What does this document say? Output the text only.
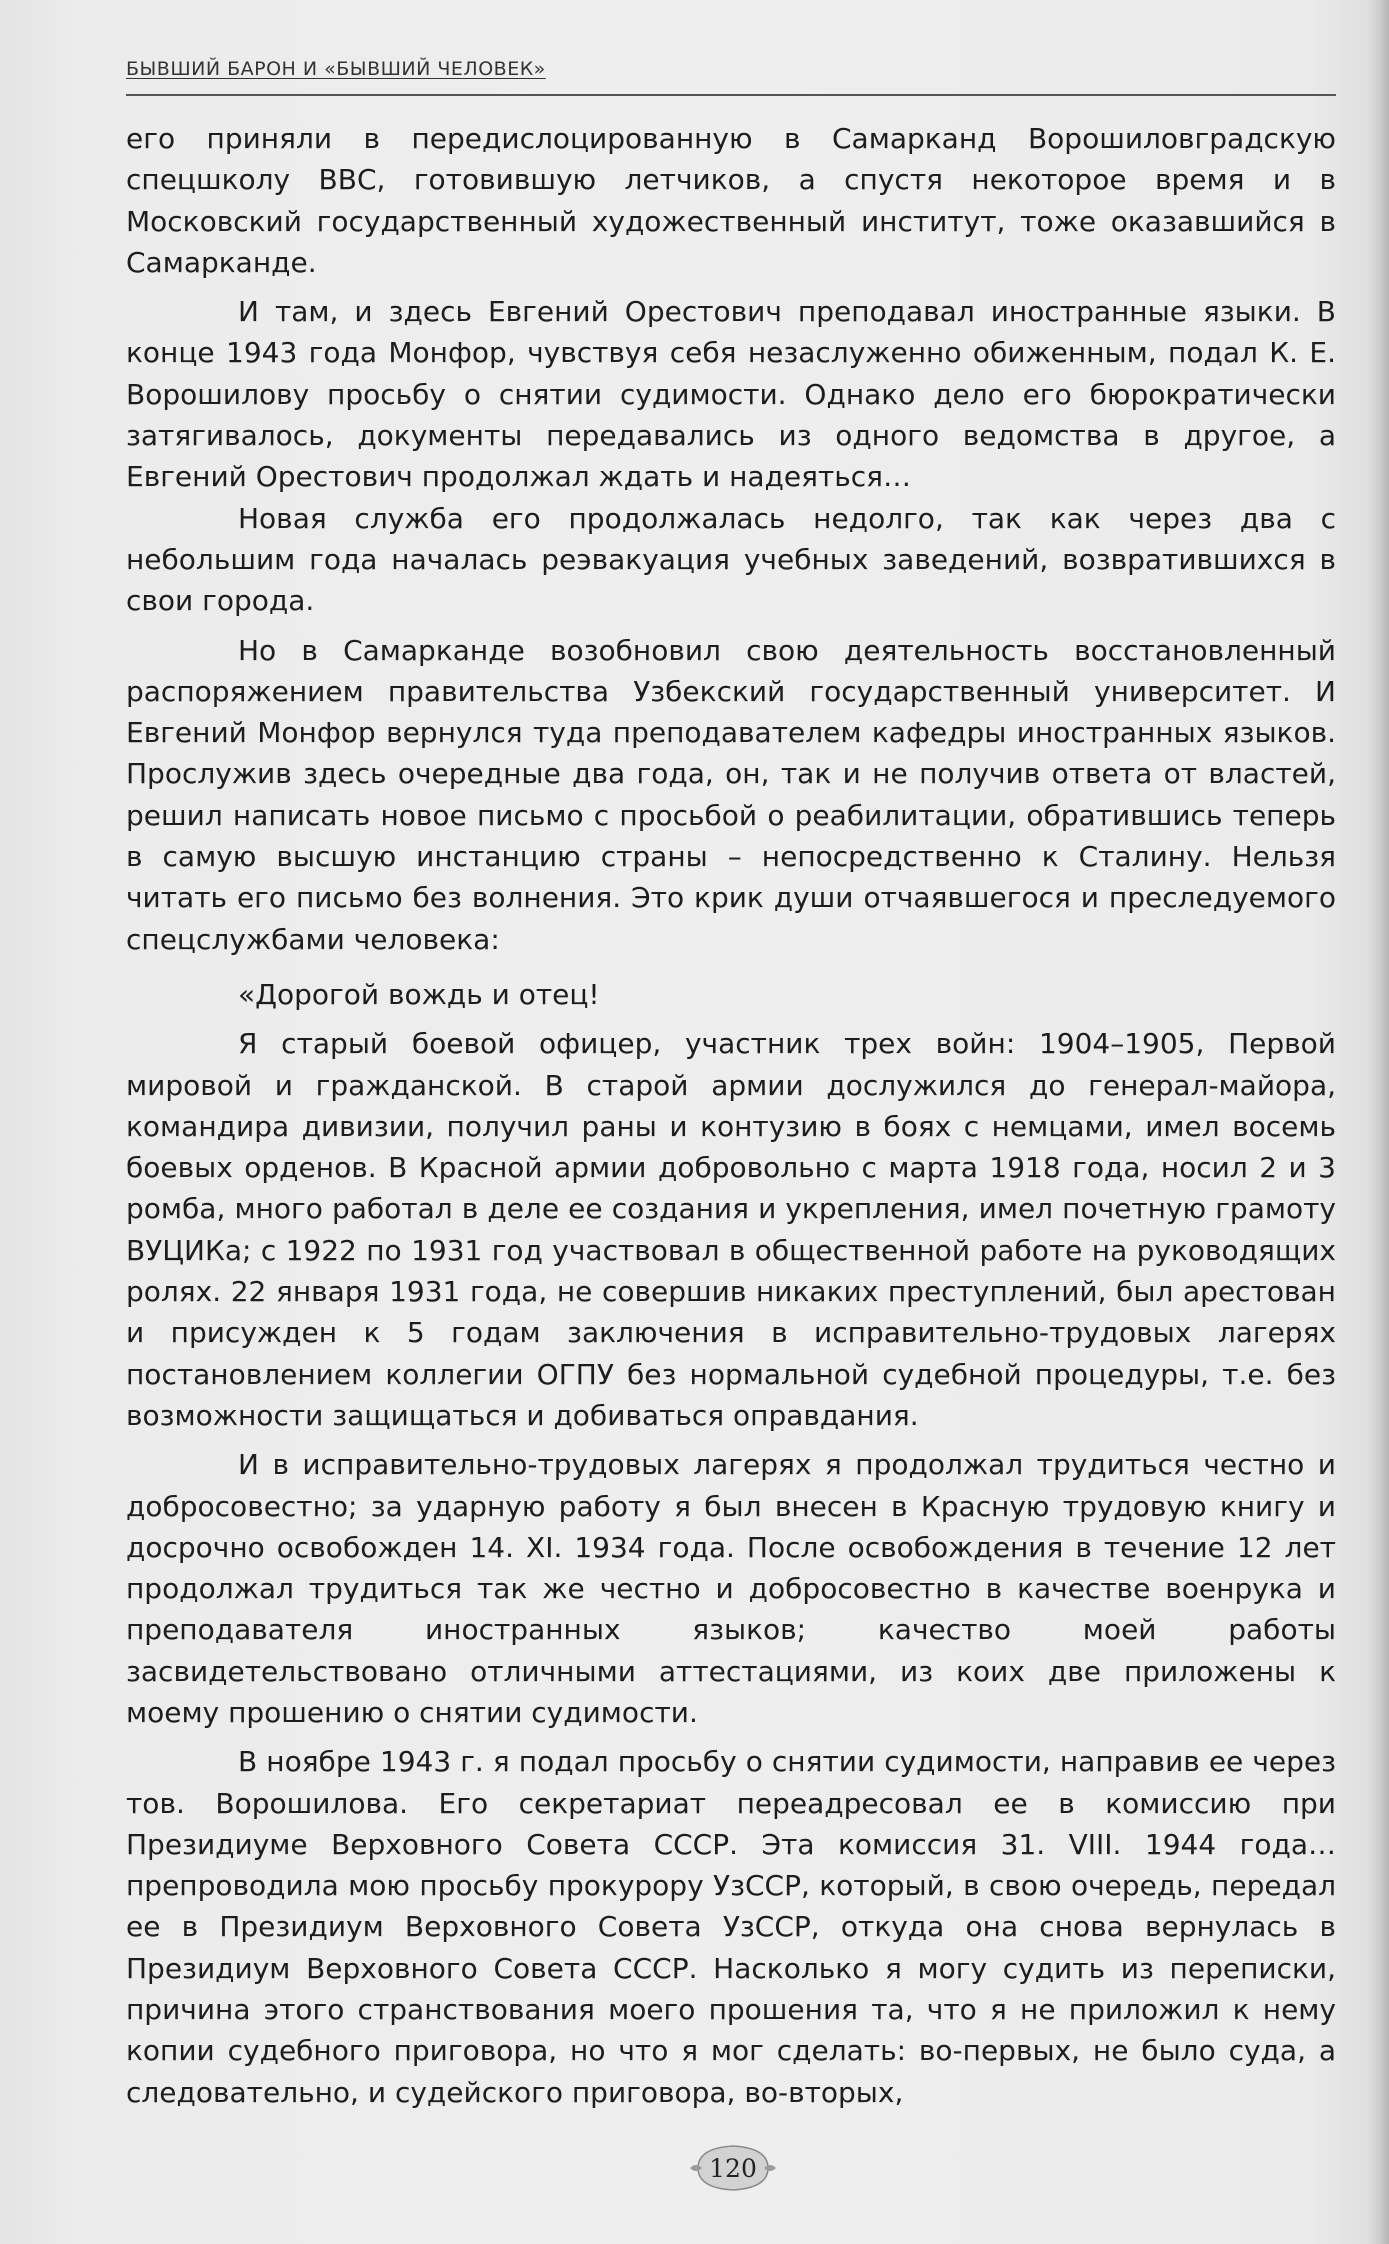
БЫВШИЙ БАРОН И «БЫВШИЙ ЧЕЛОВЕК»

его приняли в передислоцированную в Самарканд Ворошиловградскую спецшколу ВВС, готовившую летчиков, а спустя некоторое время и в Московский государственный художественный институт, тоже оказавшийся в Самарканде.

И там, и здесь Евгений Орестович преподавал иностранные языки. В конце 1943 года Монфор, чувствуя себя незаслуженно обиженным, подал К. Е. Ворошилову просьбу о снятии судимости. Однако дело его бюрократически затягивалось, документы передавались из одного ведомства в другое, а Евгений Орестович продолжал ждать и надеяться…

Новая служба его продолжалась недолго, так как через два с небольшим года началась реэвакуация учебных заведений, возвратившихся в свои города.

Но в Самарканде возобновил свою деятельность восстановленный распоряжением правительства Узбекский государственный университет. И Евгений Монфор вернулся туда преподавателем кафедры иностранных языков. Прослужив здесь очередные два года, он, так и не получив ответа от властей, решил написать новое письмо с просьбой о реабилитации, обратившись теперь в самую высшую инстанцию страны – непосредственно к Сталину. Нельзя читать его письмо без волнения. Это крик души отчаявшегося и преследуемого спецслужбами человека:

«Дорогой вождь и отец!

Я старый боевой офицер, участник трех войн: 1904–1905, Первой мировой и гражданской. В старой армии дослужился до генерал-майора, командира дивизии, получил раны и контузию в боях с немцами, имел восемь боевых орденов. В Красной армии добровольно с марта 1918 года, носил 2 и 3 ромба, много работал в деле ее создания и укрепления, имел почетную грамоту ВУЦИКа; с 1922 по 1931 год участвовал в общественной работе на руководящих ролях. 22 января 1931 года, не совершив никаких преступлений, был арестован и присужден к 5 годам заключения в исправительно-трудовых лагерях постановлением коллегии ОГПУ без нормальной судебной процедуры, т.е. без возможности защищаться и добиваться оправдания.

И в исправительно-трудовых лагерях я продолжал трудиться честно и добросовестно; за ударную работу я был внесен в Красную трудовую книгу и досрочно освобожден 14. XI. 1934 года. После освобождения в течение 12 лет продолжал трудиться так же честно и добросовестно в качестве военрука и преподавателя иностранных языков; качество моей работы засвидетельствовано отличными аттестациями, из коих две приложены к моему прошению о снятии судимости.

В ноябре 1943 г. я подал просьбу о снятии судимости, направив ее через тов. Ворошилова. Его секретариат переадресовал ее в комиссию при Президиуме Верховного Совета СССР. Эта комиссия 31. VIII. 1944 года… препроводила мою просьбу прокурору УзССР, который, в свою очередь, передал ее в Президиум Верховного Совета УзССР, откуда она снова вернулась в Президиум Верховного Совета СССР. Насколько я могу судить из переписки, причина этого странствования моего прошения та, что я не приложил к нему копии судебного приговора, но что я мог сделать: во-первых, не было суда, а следовательно, и судейского приговора, во-вторых,

120
